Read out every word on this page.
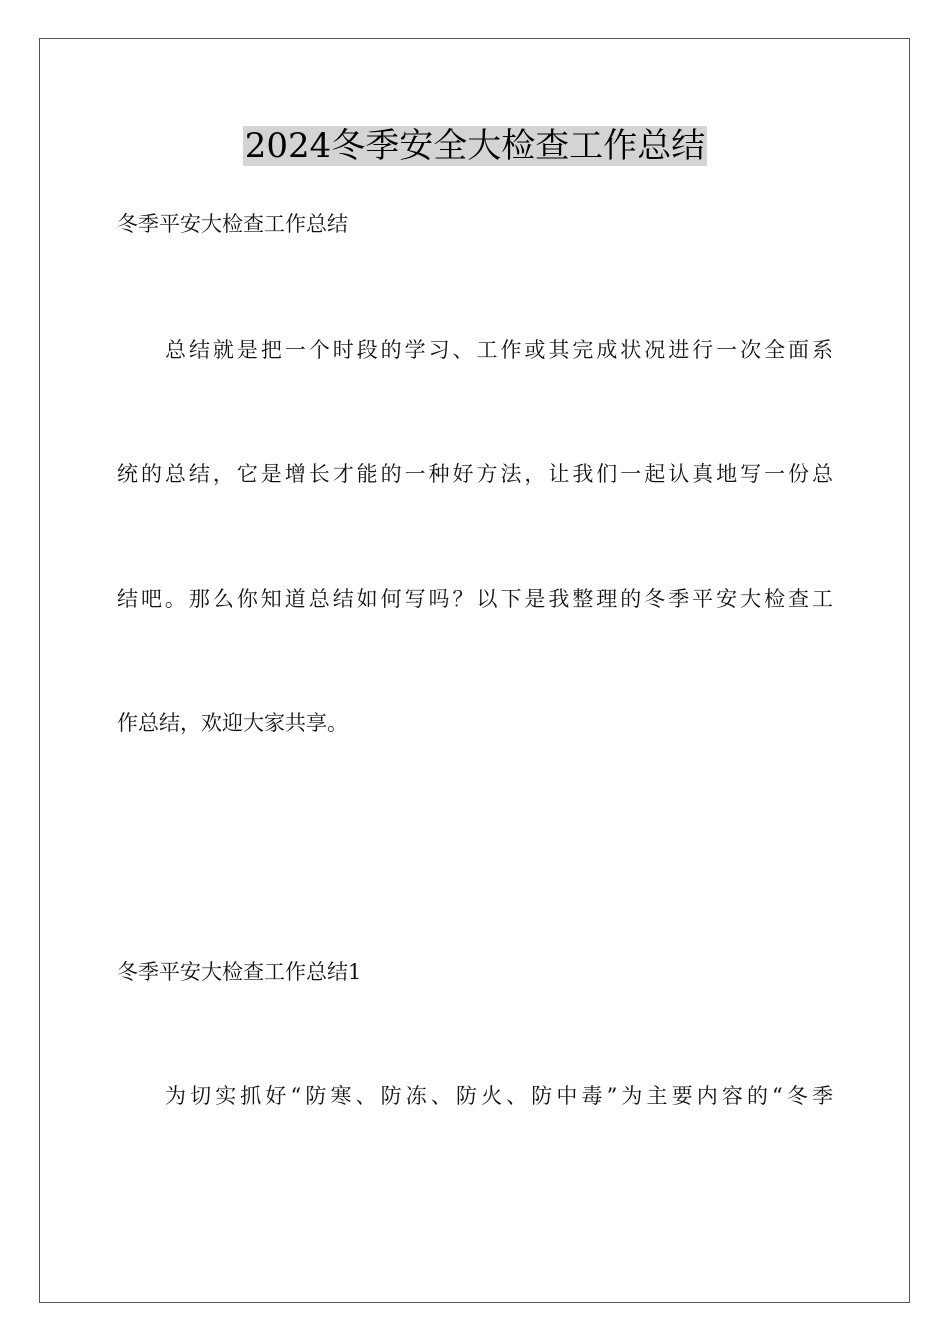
2024冬季安全大检查工作总结
冬季平安大检查工作总结
总结就是把一个时段的学习、工作或其完成状况进行一次全面系
统的总结，它是增长才能的一种好方法，让我们一起认真地写一份总
结吧。那么你知道总结如何写吗？以下是我整理的冬季平安大检查工
作总结，欢迎大家共享。
冬季平安大检查工作总结1
为切实抓好“防寒、防冻、防火、防中毒”为主要内容的“冬季
